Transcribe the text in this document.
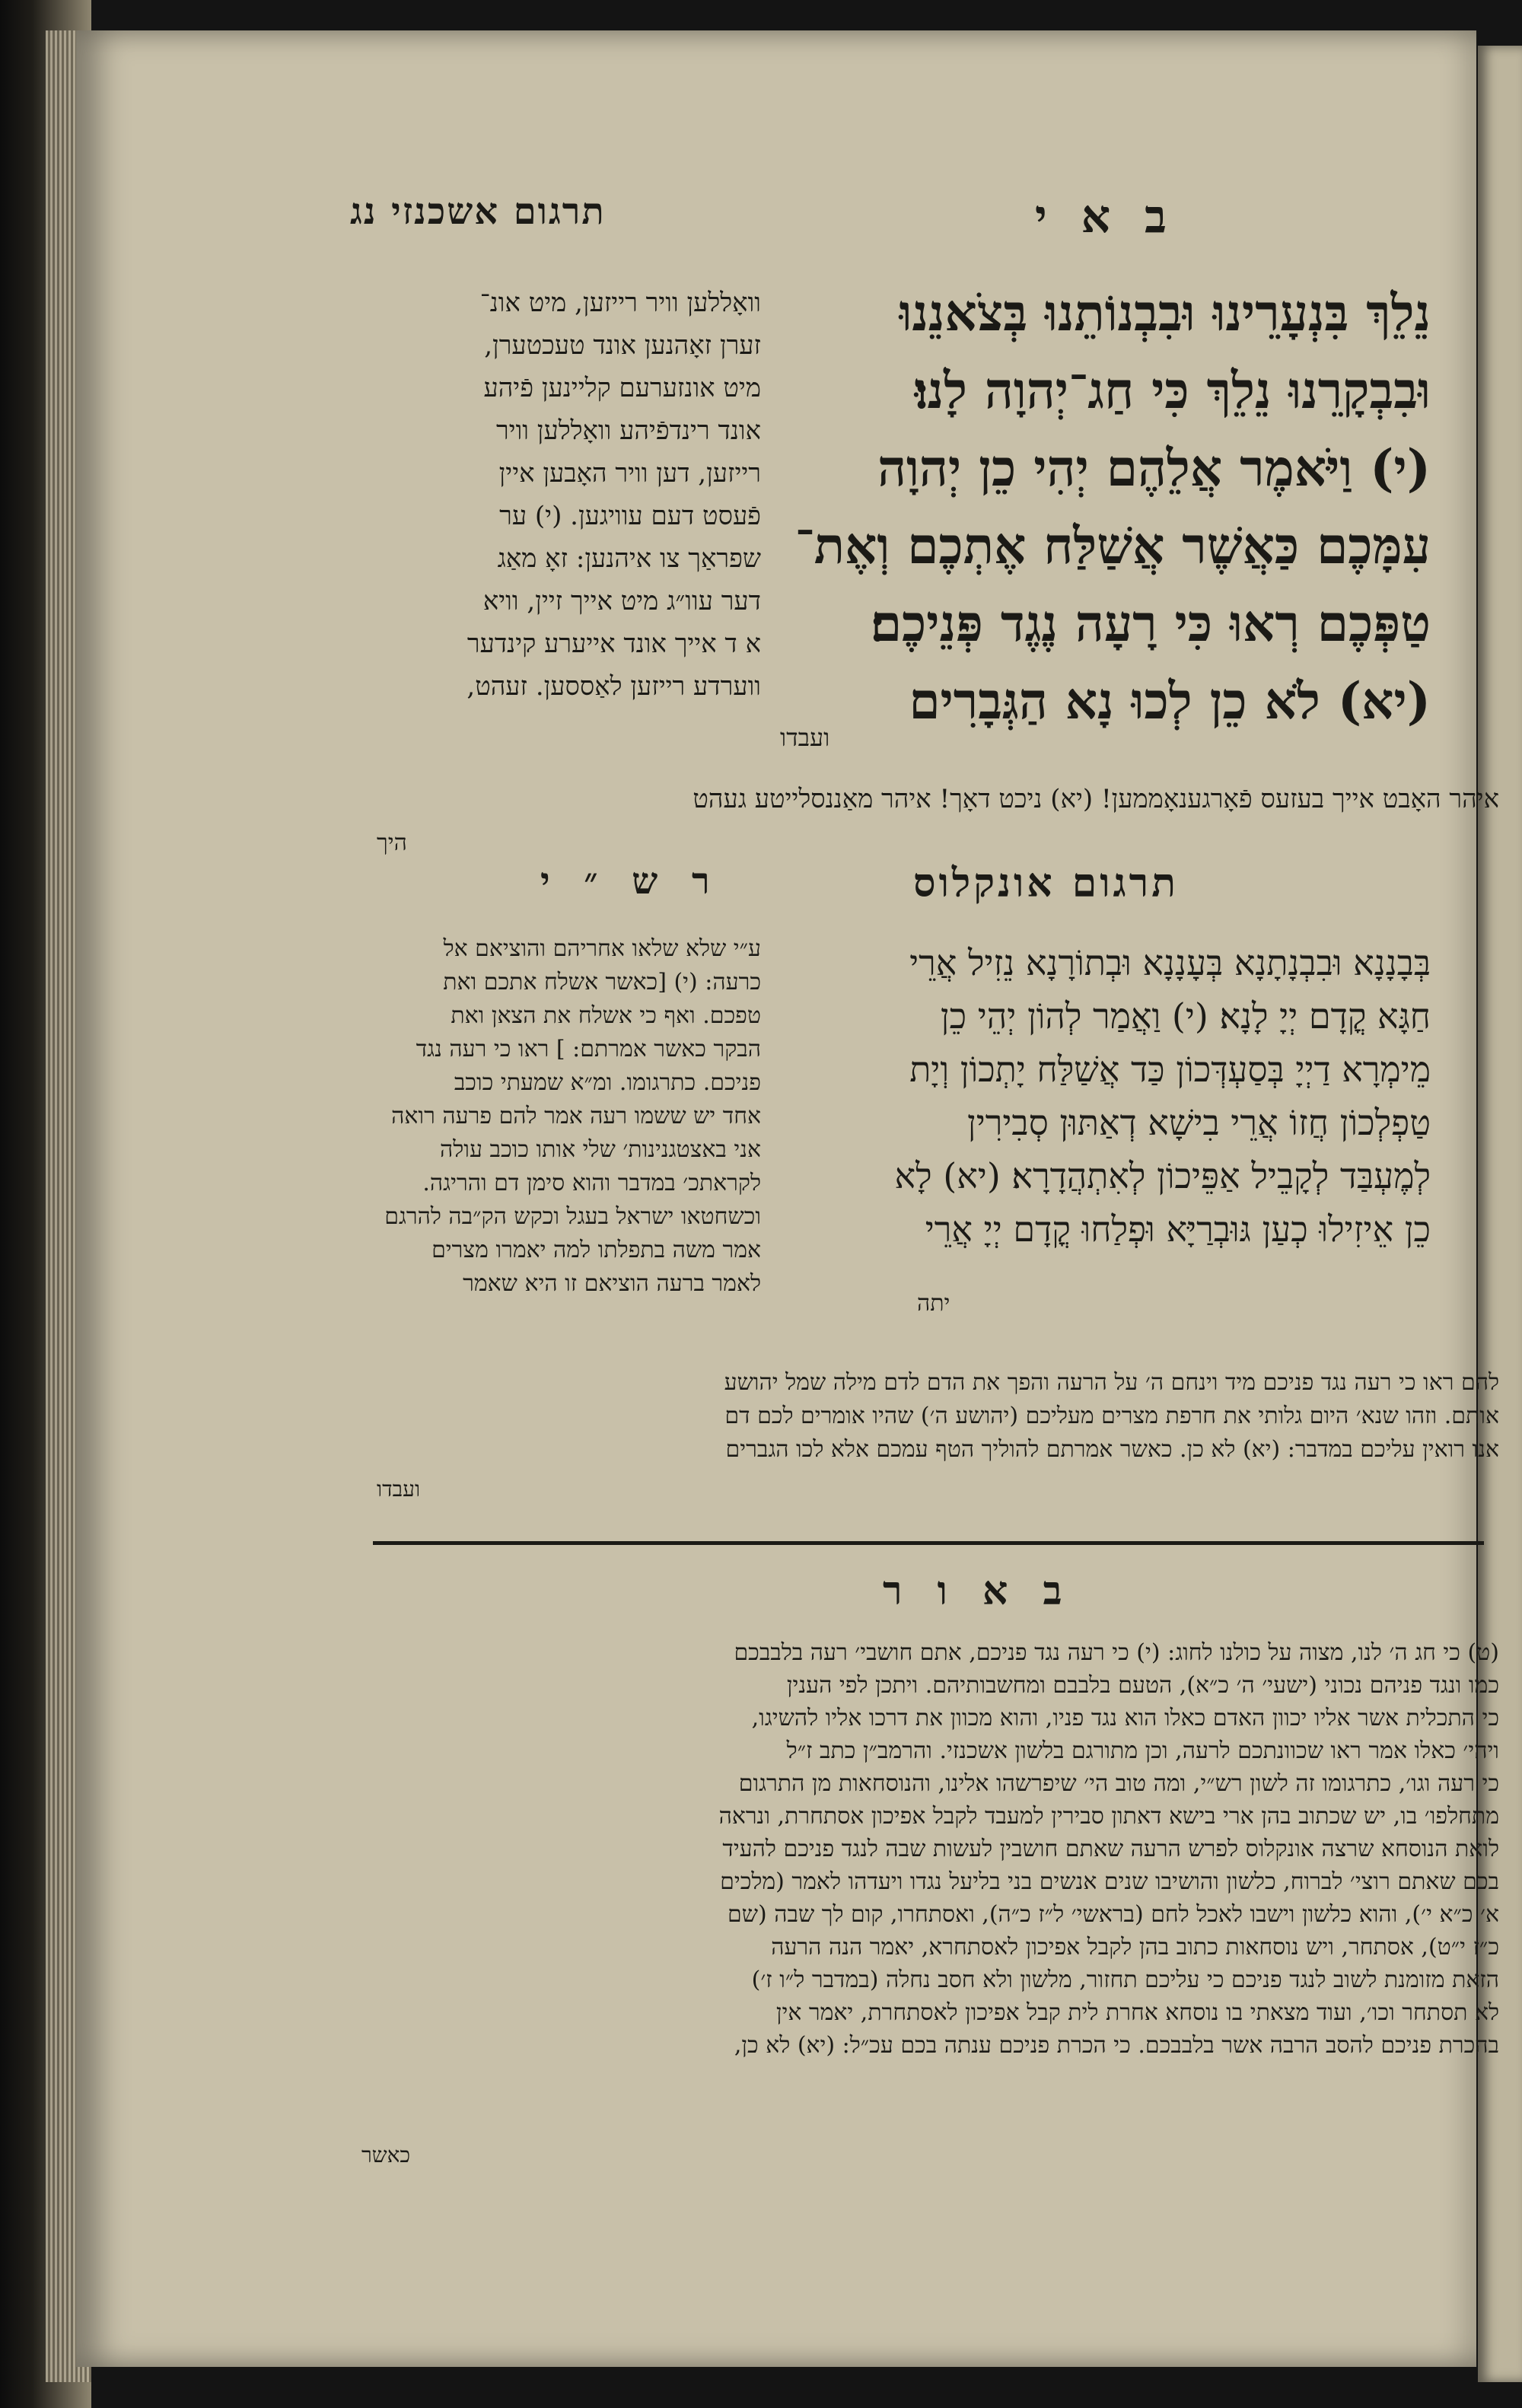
תרגום אשכנזי נג	ב א י
נֵלֵךְ בִּנְעָרֵינוּ וּבִבְנוֹתֵנוּ בְּצֹאנֵנוּ
וּבִבְקָרֵנוּ נֵלֵךְ כִּי חַג־יְהוָה לָנוּ׃
(י) וַיֹּאמֶר אֲלֵהֶם יְהִי כֵן יְהוָה
עִמָּכֶם כַּאֲשֶׁר אֲשַׁלַּח אֶתְכֶם וְאֶת־
טַפְּכֶם רְאוּ כִּי רָעָה נֶגֶד פְּנֵיכֶם׃
(יא) לֹא כֵן לְכוּ נָא הַגְּבָרִים
ועבדו
וואָללען וויר רייזען, מיט אונ־
זערן זאָהנען אונד טעכטערן,
מיט אונזערעם קליינען פֿיהע
אונד רינדפֿיהע וואָללען וויר
רייזען, דען וויר האָבען איין
פֿעסט דעם עוויגען. (י) ער
שפראַך צו איהנען: זאָ מאַג
דער עוו״ג מיט אייך זיין, וויא
א ד אייך אונד אייערע קינדער
ווערדע רייזען לאַססען. זעהט,
איהר האָבט אייך בעזעס פֿאָרגענאָממען! (יא) ניכט דאָך! איהר מאַננסלייטע געהט
היך
תרגום אונקלוס
ר ש ״ י
בְּבָנָנָא וּבִבְנָתָנָא בְּעָנָנָא וּבְתוֹרָנָא נֵזִיל אֲרֵי
חַגָּא קֳדָם יְיָ לָנָא׃ (י) וַאֲמַר לְהוֹן יְהֵי כֵן
מֵימְרָא דַיְיָ בְּסַעְדְּכוֹן כַּד אֲשַׁלַּח יָתְכוֹן וְיָת
טַפְלְכוֹן חֲזוֹ אֲרֵי בִישָׁא דְאַתּוּן סְבִירִין
לְמֶעְבַּד לְקָבֵיל אַפֵּיכוֹן לְאִתְהֲדָרָא׃ (יא) לָא
כֵן אֵיזִילוּ כְעַן גּוּבְרַיָּא וּפְלַחוּ קֳדָם יְיָ אֲרֵי
יתה
ע״י שלא שלאו אחריהם והוציאם אל
כרעה: (י) [כאשר אשלח אתכם ואת
טפכם. ואף כי אשלח את הצאן ואת
הבקר כאשר אמרתם: ] ראו כי רעה נגד
פניכם. כתרגומו. ומ״א שמעתי כוכב
אחד יש ששמו רעה אמר להם פרעה רואה
אני באצטגנינות׳ שלי אותו כוכב עולה
לקראתכ׳ במדבר והוא סימן דם והריגה.
וכשחטאו ישראל בעגל וכקש הק״בה להרגם
אמר משה בתפלתו למה יאמרו מצרים
לאמר ברעה הוציאם זו היא שאמר
להם ראו כי רעה נגד פניכם מיד וינחם ה׳ על הרעה והפך את הדם לדם מילה שמל יהושע
אותם. וזהו שנא׳ היום גלותי את חרפת מצרים מעליכם (יהושע ה׳) שהיו אומרים לכם דם
אנו רואין עליכם במדבר: (יא) לא כן. כאשר אמרתם להוליך הטף עמכם אלא לכו הגברים
ועבדו
ב א ו ר
(ט) כי חג ה׳ לנו, מצוה על כולנו לחוג: (י) כי רעה נגד פניכם, אתם חושבי׳ רעה בלבבכם
כמו ונגד פניהם נכוני (ישעי׳ ה׳ כ״א), הטעם בלבבם ומחשבותיהם. ויתכן לפי הענין
כי התכלית אשר אליו יכוון האדם כאלו הוא נגד פניו, והוא מכוון את דרכו אליו להשיגו,
ויהי׳ כאלו אמר ראו שכוונתכם לרעה, וכן מתורגם בלשון אשכנזי. והרמב״ן כתב ז״ל
כי רעה וגו׳, כתרגומו זה לשון רש״י, ומה טוב הי׳ שיפרשהו אלינו, והנוסחאות מן התרגום
מתחלפו׳ בו, יש שכתוב בהן ארי בישא דאתון סבירין למעבד לקבל אפיכון אסתחרת, ונראה
לואת הנוסחא שרצה אונקלוס לפרש הרעה שאתם חושבין לעשות שבה לנגד פניכם להעיד
בכם שאתם רוצי׳ לברוח, כלשון והושיבו שנים אנשים בני בליעל נגדו ויעדהו לאמר (מלכים
א׳ כ״א י׳), והוא כלשון וישבו לאכל לחם (בראשי׳ ל״ז כ״ה), ואסתחרו, קום לך שבה (שם
כ״ז י״ט), אסתחר, ויש נוסחאות כתוב בהן לקבל אפיכון לאסתחרא, יאמר הנה הרעה
הזאת מזומנת לשוב לנגד פניכם כי עליכם תחזור, מלשון ולא חסב נחלה (במדבר ל״ו ז׳)
לא תסתחר וכו׳, ועוד מצאתי בו נוסחא אחרת לית קבל אפיכון לאסתחרת, יאמר אין
בהכרת פניכם להסב הרבה אשר בלבבכם. כי הכרת פניכם ענתה בכם עכ״ל: (יא) לא כן,
כאשר
